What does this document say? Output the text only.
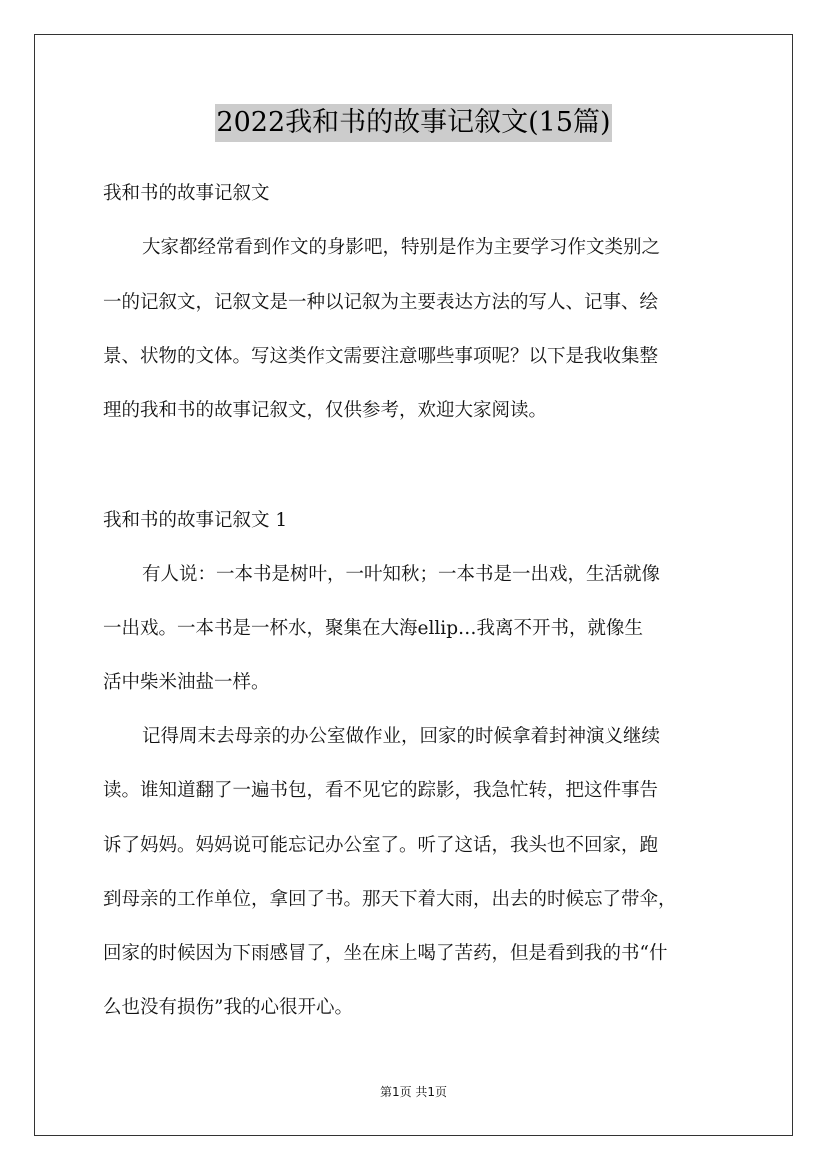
2022我和书的故事记叙文(15篇)
我和书的故事记叙文
大家都经常看到作文的身影吧，特别是作为主要学习作文类别之
一的记叙文，记叙文是一种以记叙为主要表达方法的写人、记事、绘
景、状物的文体。写这类作文需要注意哪些事项呢？以下是我收集整
理的我和书的故事记叙文，仅供参考，欢迎大家阅读。
我和书的故事记叙文 1
有人说：一本书是树叶，一叶知秋；一本书是一出戏，生活就像
一出戏。一本书是一杯水，聚集在大海ellip…我离不开书，就像生
活中柴米油盐一样。
记得周末去母亲的办公室做作业，回家的时候拿着封神演义继续
读。谁知道翻了一遍书包，看不见它的踪影，我急忙转，把这件事告
诉了妈妈。妈妈说可能忘记办公室了。听了这话，我头也不回家，跑
到母亲的工作单位，拿回了书。那天下着大雨，出去的时候忘了带伞，
回家的时候因为下雨感冒了，坐在床上喝了苦药，但是看到我的书“什
么也没有损伤”我的心很开心。
第1页 共1页
